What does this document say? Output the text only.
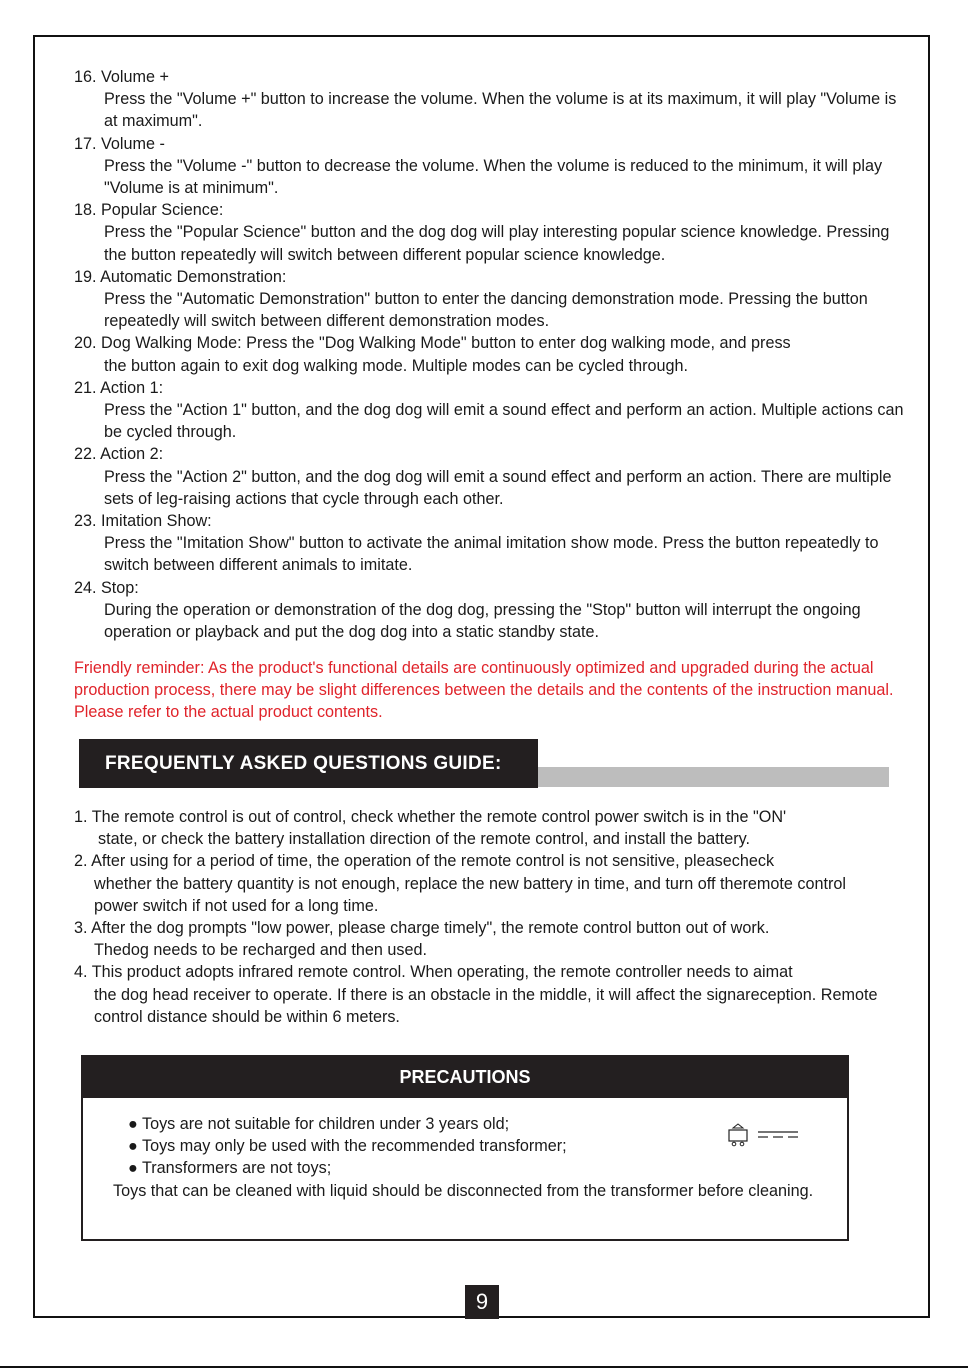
16. Volume +
Press the "Volume +" button to increase the volume. When the volume is at its maximum, it will play "Volume is at maximum".
17. Volume -
Press the "Volume -" button to decrease the volume. When the volume is reduced to the minimum, it will play "Volume is at minimum".
18. Popular Science:
Press the "Popular Science" button and the dog dog will play interesting popular science knowledge. Pressing the button repeatedly will switch between different popular science knowledge.
19. Automatic Demonstration:
Press the "Automatic Demonstration" button to enter the dancing demonstration mode. Pressing the button repeatedly will switch between different demonstration modes.
20. Dog Walking Mode: Press the "Dog Walking Mode" button to enter dog walking mode, and press
the button again to exit dog walking mode. Multiple modes can be cycled through.
21. Action 1:
Press the "Action 1" button, and the dog dog will emit a sound effect and perform an action. Multiple actions can be cycled through.
22. Action 2:
Press the "Action 2" button, and the dog dog will emit a sound effect and perform an action. There are multiple sets of leg-raising actions that cycle through each other.
23. Imitation Show:
Press the "Imitation Show" button to activate the animal imitation show mode. Press the button repeatedly to switch between different animals to imitate.
24. Stop:
During the operation or demonstration of the dog dog, pressing the "Stop" button will interrupt the ongoing operation or playback and put the dog dog into a static standby state.
Friendly reminder: As the product's functional details are continuously optimized and upgraded during the actual production process, there may be slight differences between the details and the contents of the instruction manual. Please refer to the actual product contents.
FREQUENTLY ASKED QUESTIONS GUIDE:
1. The remote control is out of control, check whether the remote control power switch is in the "ON'
state, or check the battery installation direction of the remote control, and install the battery.
2. After using for a period of time, the operation of the remote control is not sensitive, pleasecheck
whether the battery quantity is not enough, replace the new battery in time, and turn off theremote control power switch if not used for a long time.
3. After the dog prompts "low power, please charge timely", the remote control button out of work.
Thedog needs to be recharged and then used.
4. This product adopts infrared remote control. When operating, the remote controller needs to aimat
the dog head receiver to operate. If there is an obstacle in the middle, it will affect the signareception. Remote control distance should be within 6 meters.
PRECAUTIONS
● Toys are not suitable for children under 3 years old;
● Toys may only be used with the recommended transformer;
● Transformers are not toys;
Toys that can be cleaned with liquid should be disconnected from the transformer before cleaning.
9
